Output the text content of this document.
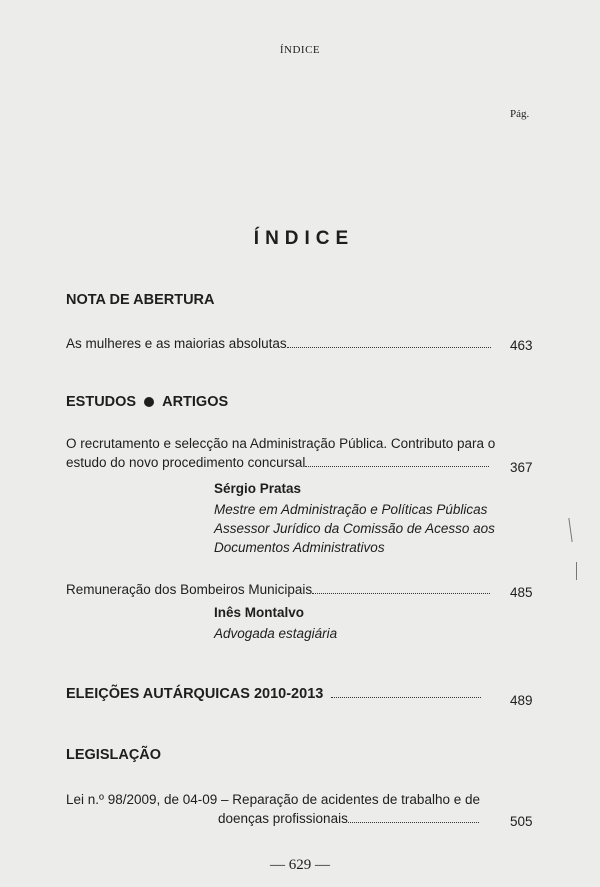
ÍNDICE
Pág.
ÍNDICE
NOTA DE ABERTURA
As mulheres e as maiorias absolutas	463
ESTUDOS ARTIGOS
O recrutamento e selecção na Administração Pública. Contributo para o
estudo do novo procedimento concursal	367
Sérgio Pratas
Mestre em Administração e Políticas Públicas
Assessor Jurídico da Comissão de Acesso aos
Documentos Administrativos
Remuneração dos Bombeiros Municipais	485
Inês Montalvo
Advogada estagiária
ELEIÇÕES AUTÁRQUICAS 2010-2013	489
LEGISLAÇÃO
Lei n.º 98/2009, de 04-09 – Reparação de acidentes de trabalho e de
doenças profissionais	505
— 629 —
